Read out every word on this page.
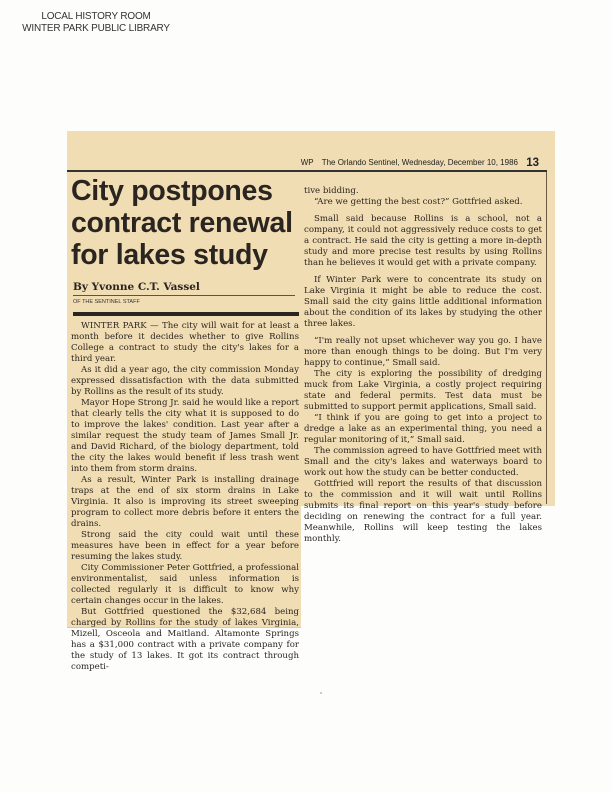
LOCAL HISTORY ROOM
WINTER PARK PUBLIC LIBRARY
WP The Orlando Sentinel, Wednesday, December 10, 1986 13
City postpones contract renewal for lakes study
By Yvonne C.T. Vassel
OF THE SENTINEL STAFF

WINTER PARK — The city will wait for at least a month before it decides whether to give Rollins College a contract to study the city's lakes for a third year.

As it did a year ago, the city commission Monday expressed dissatisfaction with the data submitted by Rollins as the result of its study.

Mayor Hope Strong Jr. said he would like a report that clearly tells the city what it is supposed to do to improve the lakes' condition. Last year after a similar request the study team of James Small Jr. and David Richard, of the biology department, told the city the lakes would benefit if less trash went into them from storm drains.

As a result, Winter Park is installing drainage traps at the end of six storm drains in Lake Virginia. It also is improving its street sweeping program to collect more debris before it enters the drains.

Strong said the city could wait until these measures have been in effect for a year before resuming the lakes study.

City Commissioner Peter Gottfried, a professional environmentalist, said unless information is collected regularly it is difficult to know why certain changes occur in the lakes.

But Gottfried questioned the $32,684 being charged by Rollins for the study of lakes Virginia, Mizell, Osceola and Maitland. Altamonte Springs has a $31,000 contract with a private company for the study of 13 lakes. It got its contract through competi-

tive bidding.

“Are we getting the best cost?” Gottfried asked.

Small said because Rollins is a school, not a company, it could not aggressively reduce costs to get a contract. He said the city is getting a more in-depth study and more precise test results by using Rollins than he believes it would get with a private company.

If Winter Park were to concentrate its study on Lake Virginia it might be able to reduce the cost. Small said the city gains little additional information about the condition of its lakes by studying the other three lakes.

“I'm really not upset whichever way you go. I have more than enough things to be doing. But I'm very happy to continue,” Small said.

The city is exploring the possibility of dredging muck from Lake Virginia, a costly project requiring state and federal permits. Test data must be submitted to support permit applications, Small said.

“I think if you are going to get into a project to dredge a lake as an experimental thing, you need a regular monitoring of it,” Small said.

The commission agreed to have Gottfried meet with Small and the city's lakes and waterways board to work out how the study can be better conducted.

Gottfried will report the results of that discussion to the commission and it will wait until Rollins submits its final report on this year's study before deciding on renewing the contract for a full year. Meanwhile, Rollins will keep testing the lakes monthly.
